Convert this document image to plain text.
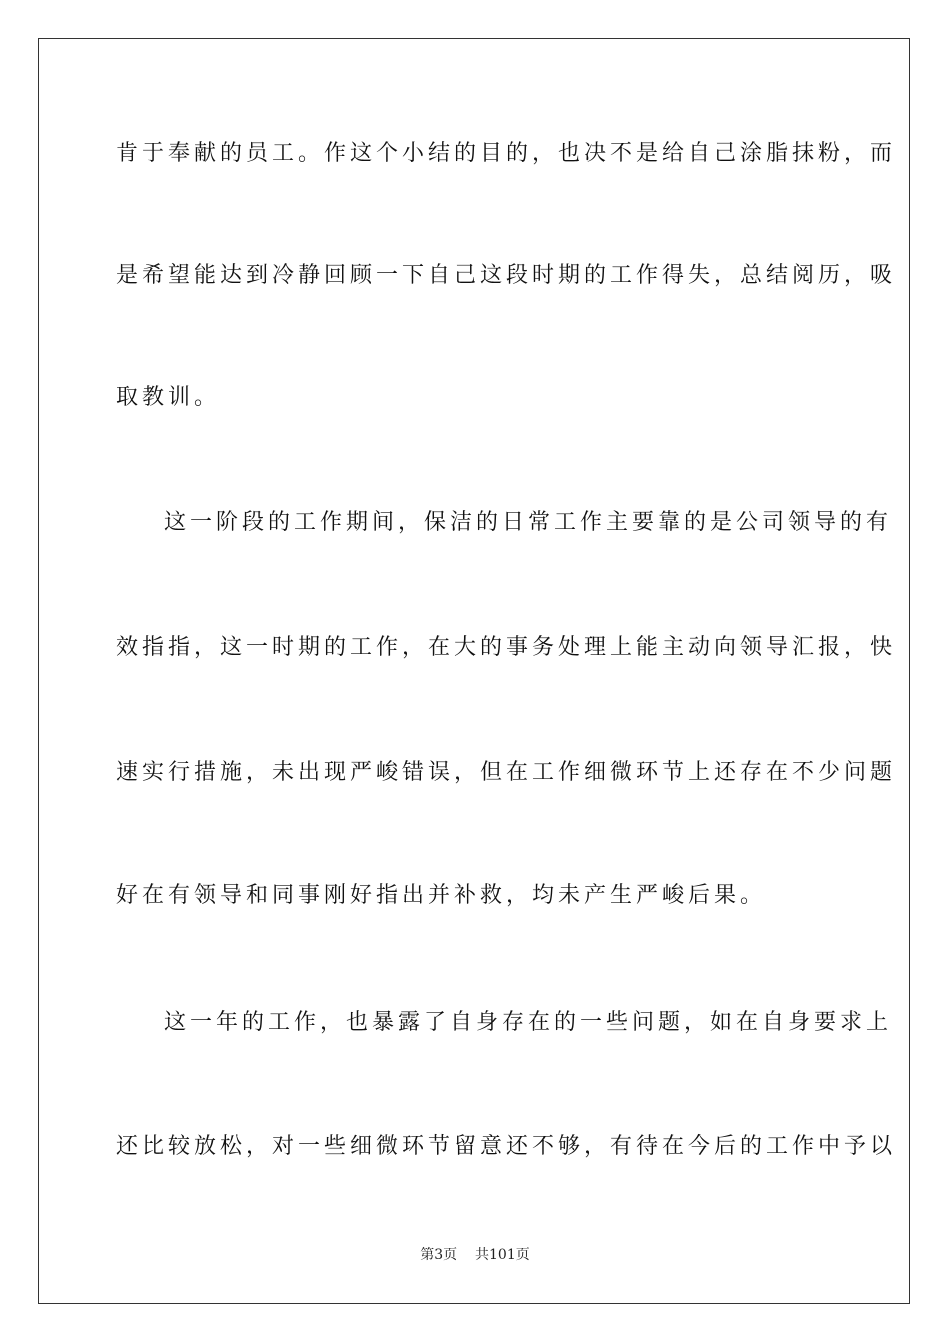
肯于奉献的员工。作这个小结的目的，也决不是给自己涂脂抹粉，而
是希望能达到冷静回顾一下自己这段时期的工作得失，总结阅历，吸
取教训。
这一阶段的工作期间，保洁的日常工作主要靠的是公司领导的有
效指指，这一时期的工作，在大的事务处理上能主动向领导汇报，快
速实行措施，未出现严峻错误，但在工作细微环节上还存在不少问题
好在有领导和同事刚好指出并补救，均未产生严峻后果。
这一年的工作，也暴露了自身存在的一些问题，如在自身要求上
还比较放松，对一些细微环节留意还不够，有待在今后的工作中予以
第3页 共101页
